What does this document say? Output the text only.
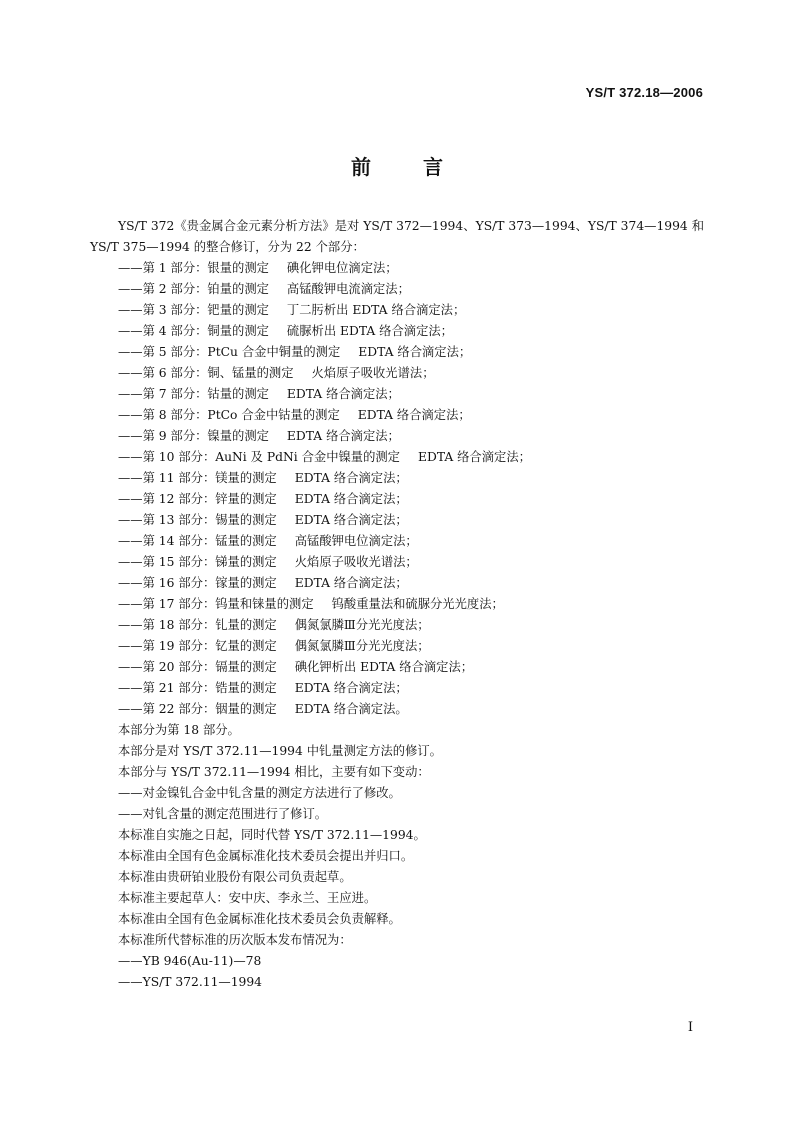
YS/T 372.18—2006
前言

YS/T 372《贵金属合金元素分析方法》是对 YS/T 372—1994、YS/T 373—1994、YS/T 374—1994 和 YS/T 375—1994 的整合修订，分为 22 个部分：

——第 1 部分：银量的测定 碘化钾电位滴定法；
——第 2 部分：铂量的测定 高锰酸钾电流滴定法；
——第 3 部分：钯量的测定 丁二肟析出 EDTA 络合滴定法；
——第 4 部分：铜量的测定 硫脲析出 EDTA 络合滴定法；
——第 5 部分：PtCu 合金中铜量的测定 EDTA 络合滴定法；
——第 6 部分：铜、锰量的测定 火焰原子吸收光谱法；
——第 7 部分：钴量的测定 EDTA 络合滴定法；
——第 8 部分：PtCo 合金中钴量的测定 EDTA 络合滴定法；
——第 9 部分：镍量的测定 EDTA 络合滴定法；
——第 10 部分：AuNi 及 PdNi 合金中镍量的测定 EDTA 络合滴定法；
——第 11 部分：镁量的测定 EDTA 络合滴定法；
——第 12 部分：锌量的测定 EDTA 络合滴定法；
——第 13 部分：锡量的测定 EDTA 络合滴定法；
——第 14 部分：锰量的测定 高锰酸钾电位滴定法；
——第 15 部分：锑量的测定 火焰原子吸收光谱法；
——第 16 部分：镓量的测定 EDTA 络合滴定法；
——第 17 部分：钨量和铼量的测定 钨酸重量法和硫脲分光光度法；
——第 18 部分：钆量的测定 偶氮氯膦Ⅲ分光光度法；
——第 19 部分：钇量的测定 偶氮氯膦Ⅲ分光光度法；
——第 20 部分：镉量的测定 碘化钾析出 EDTA 络合滴定法；
——第 21 部分：锆量的测定 EDTA 络合滴定法；
——第 22 部分：铟量的测定 EDTA 络合滴定法。
本部分为第 18 部分。
本部分是对 YS/T 372.11—1994 中钆量测定方法的修订。
本部分与 YS/T 372.11—1994 相比，主要有如下变动：
——对金镍钆合金中钆含量的测定方法进行了修改。
——对钆含量的测定范围进行了修订。
本标准自实施之日起，同时代替 YS/T 372.11—1994。
本标准由全国有色金属标准化技术委员会提出并归口。
本标准由贵研铂业股份有限公司负责起草。
本标准主要起草人：安中庆、李永兰、王应进。
本标准由全国有色金属标准化技术委员会负责解释。
本标准所代替标准的历次版本发布情况为：
——YB 946(Au-11)—78
——YS/T 372.11—1994
I
